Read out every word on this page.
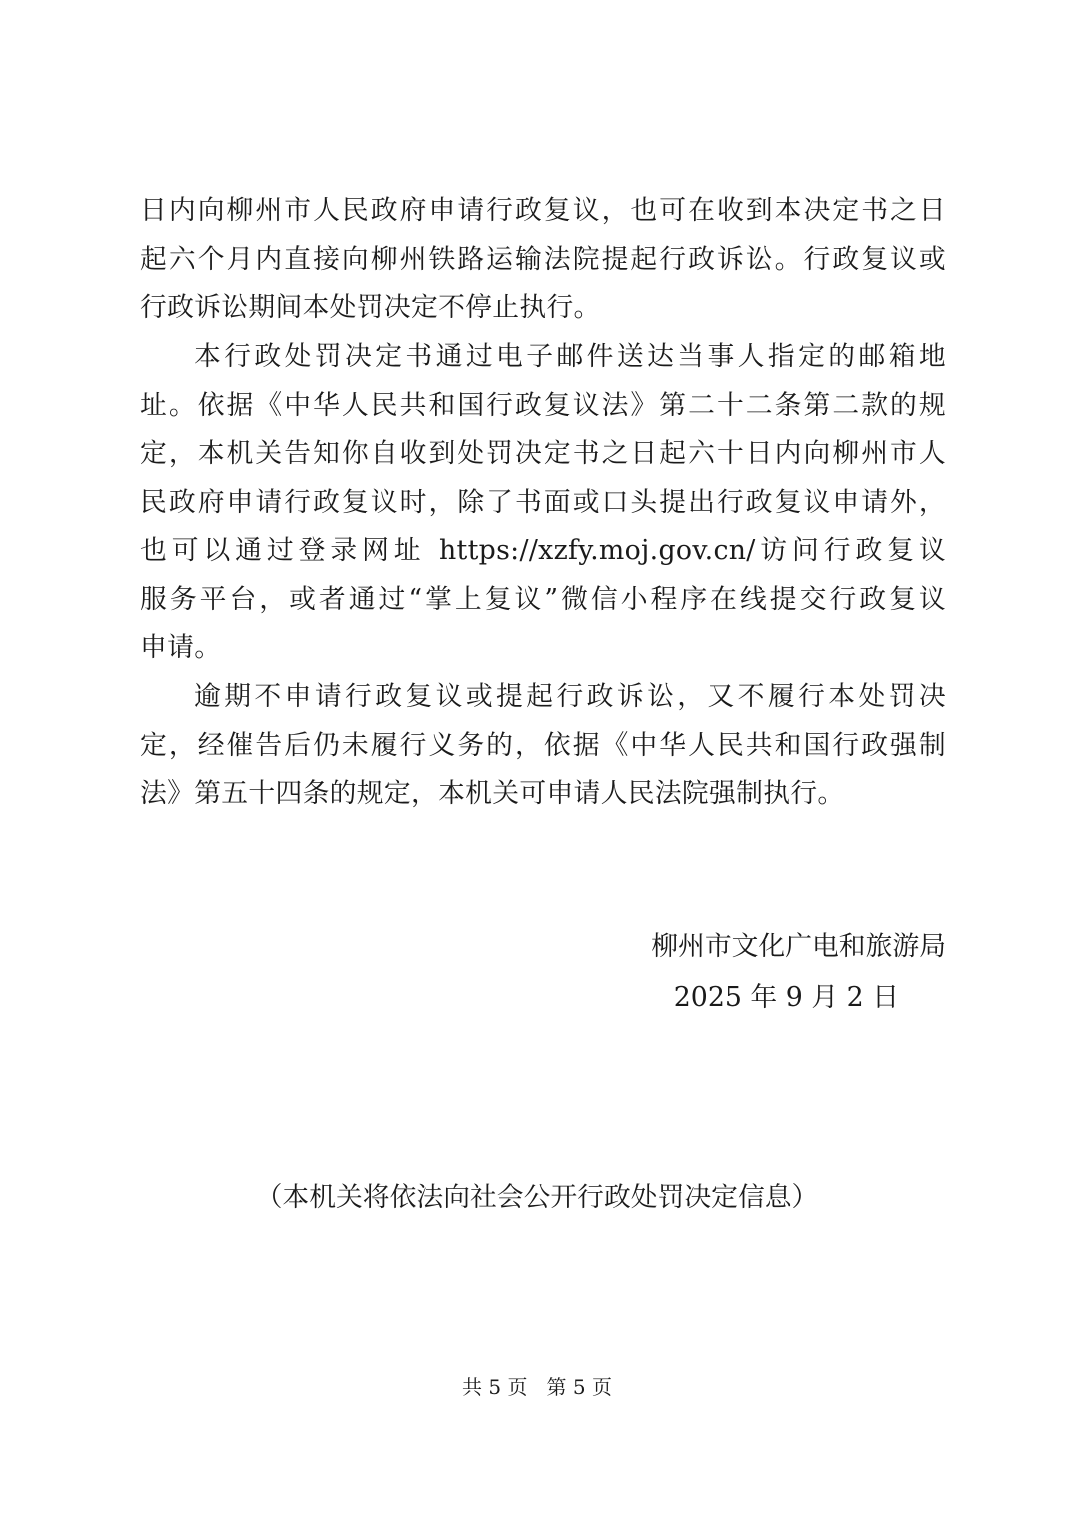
日内向柳州市人民政府申请行政复议，也可在收到本决定书之日
起六个月内直接向柳州铁路运输法院提起行政诉讼。行政复议或
行政诉讼期间本处罚决定不停止执行。
本行政处罚决定书通过电子邮件送达当事人指定的邮箱地
址。依据《中华人民共和国行政复议法》第二十二条第二款的规
定，本机关告知你自收到处罚决定书之日起六十日内向柳州市人
民政府申请行政复议时，除了书面或口头提出行政复议申请外，
也可以通过登录网址 https://xzfy.moj.gov.cn/访问行政复议
服务平台，或者通过“掌上复议”微信小程序在线提交行政复议
申请。
逾期不申请行政复议或提起行政诉讼，又不履行本处罚决
定，经催告后仍未履行义务的，依据《中华人民共和国行政强制
法》第五十四条的规定，本机关可申请人民法院强制执行。
柳州市文化广电和旅游局
2025 年 9 月 2 日
（本机关将依法向社会公开行政处罚决定信息）
共 5 页   第 5 页
